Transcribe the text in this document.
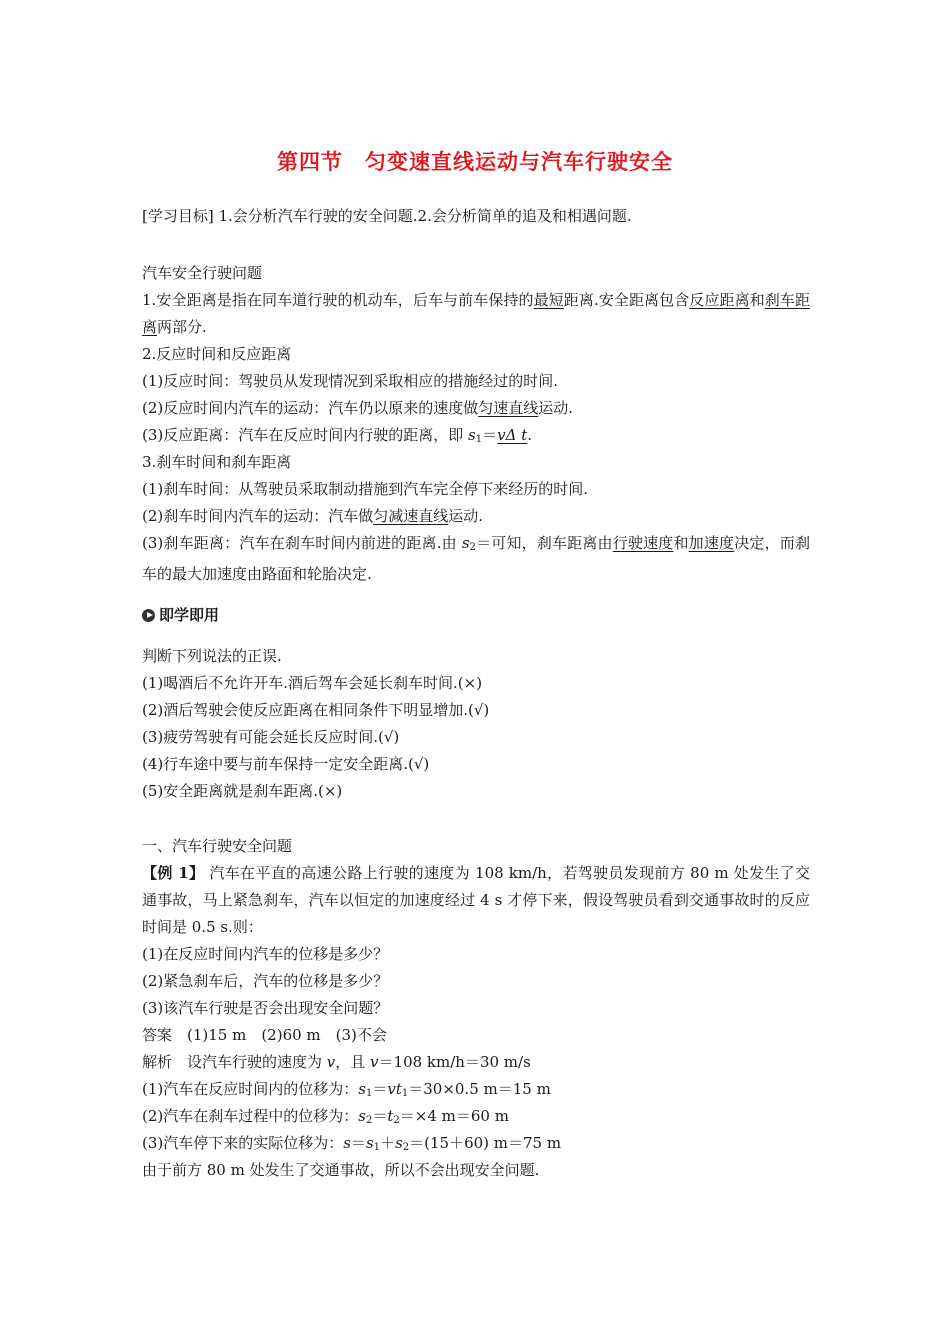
第四节　匀变速直线运动与汽车行驶安全
[学习目标] 1.会分析汽车行驶的安全问题.2.会分析简单的追及和相遇问题.
汽车安全行驶问题
1.安全距离是指在同车道行驶的机动车，后车与前车保持的最短距离.安全距离包含反应距离和刹车距离两部分.
2.反应时间和反应距离
(1)反应时间：驾驶员从发现情况到采取相应的措施经过的时间.
(2)反应时间内汽车的运动：汽车仍以原来的速度做匀速直线运动.
(3)反应距离：汽车在反应时间内行驶的距离，即 $s_1=v\Delta$ t.
3.刹车时间和刹车距离
(1)刹车时间：从驾驶员采取制动措施到汽车完全停下来经历的时间.
(2)刹车时间内汽车的运动：汽车做匀减速直线运动.
(3)刹车距离：汽车在刹车时间内前进的距离.由 $s_2=$可知，刹车距离由行驶速度和加速度决定，而刹车的最大加速度由路面和轮胎决定.
即学即用
判断下列说法的正误.
(1)喝酒后不允许开车.酒后驾车会延长刹车时间.(×)
(2)酒后驾驶会使反应距离在相同条件下明显增加.(√)
(3)疲劳驾驶有可能会延长反应时间.(√)
(4)行车途中要与前车保持一定安全距离.(√)
(5)安全距离就是刹车距离.(×)
一、汽车行驶安全问题
【例 1】 汽车在平直的高速公路上行驶的速度为 108 km/h，若驾驶员发现前方 80 m 处发生了交通事故，马上紧急刹车，汽车以恒定的加速度经过 4 s 才停下来，假设驾驶员看到交通事故时的反应时间是 0.5 s.则：
(1)在反应时间内汽车的位移是多少？
(2)紧急刹车后，汽车的位移是多少？
(3)该汽车行驶是否会出现安全问题？
答案　(1)15 m　(2)60 m　(3)不会
解析　设汽车行驶的速度为 v，且 v＝108 km/h＝30 m/s
(1)汽车在反应时间内的位移为：$s_1=vt_1=30\times 0.5$ m＝15 m
(2)汽车在刹车过程中的位移为：$s_2=t_2=\times 4$ m＝60 m
(3)汽车停下来的实际位移为：$s=s_1+s_2=(15+60)$ m＝75 m
由于前方 80 m 处发生了交通事故，所以不会出现安全问题.
